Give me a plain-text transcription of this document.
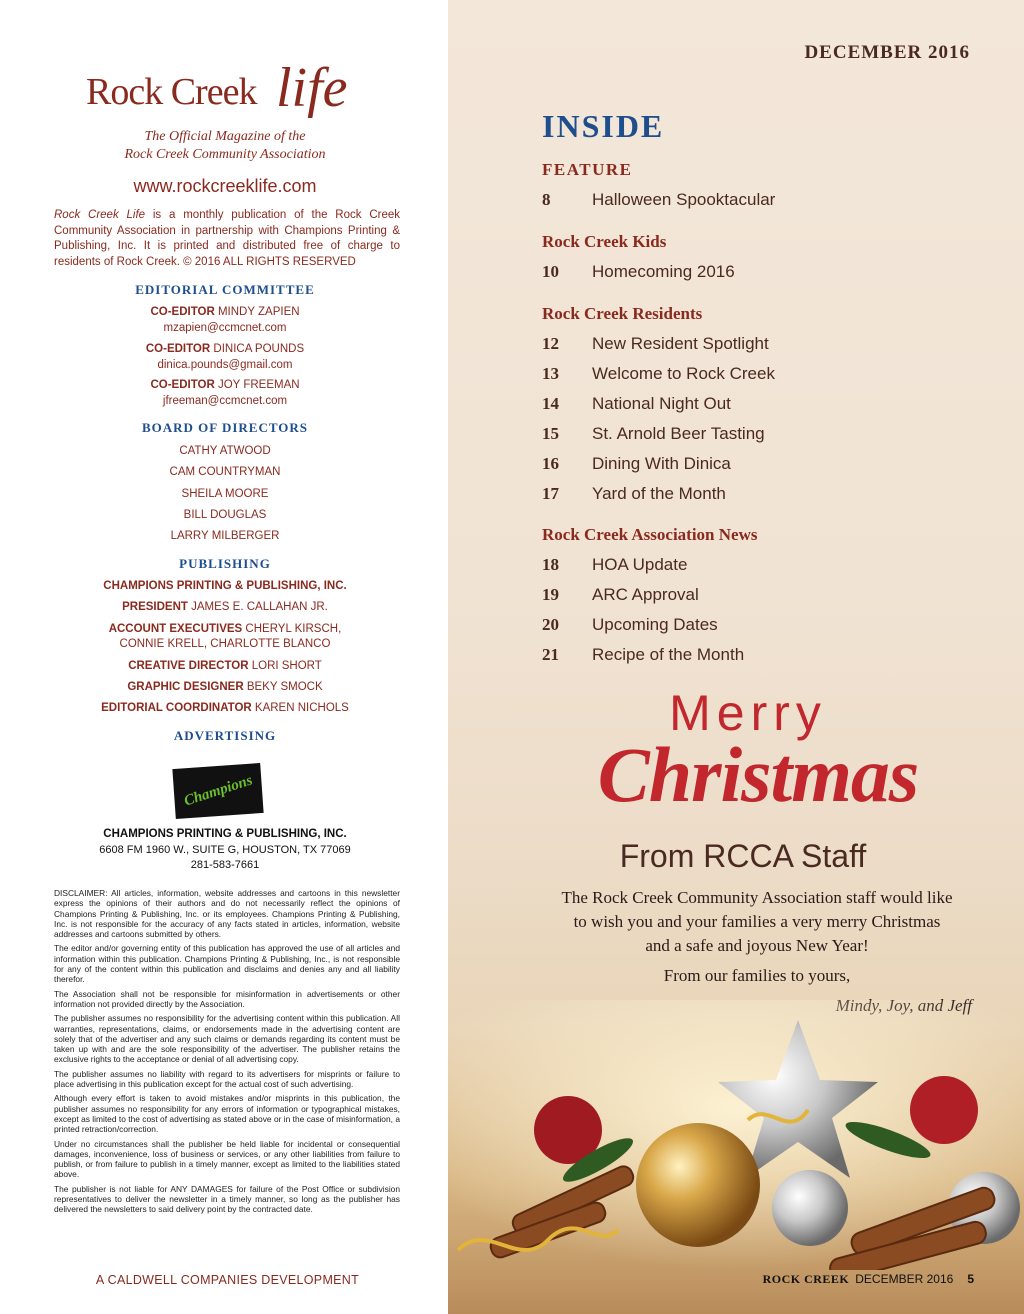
Rock Creek life
The Official Magazine of the
Rock Creek Community Association
www.rockcreeklife.com
Rock Creek Life is a monthly publication of the Rock Creek Community Association in partnership with Champions Printing & Publishing, Inc. It is printed and distributed free of charge to residents of Rock Creek. © 2016 ALL RIGHTS RESERVED
EDITORIAL COMMITTEE
CO-EDITOR MINDY ZAPIEN
mzapien@ccmcnet.com
CO-EDITOR DINICA POUNDS
dinica.pounds@gmail.com
CO-EDITOR JOY FREEMAN
jfreeman@ccmcnet.com
BOARD OF DIRECTORS
CATHY ATWOOD
CAM COUNTRYMAN
SHEILA MOORE
BILL DOUGLAS
LARRY MILBERGER
PUBLISHING
CHAMPIONS PRINTING & PUBLISHING, INC.
PRESIDENT JAMES E. CALLAHAN JR.
ACCOUNT EXECUTIVES CHERYL KIRSCH,
CONNIE KRELL, CHARLOTTE BLANCO
CREATIVE DIRECTOR LORI SHORT
GRAPHIC DESIGNER BEKY SMOCK
EDITORIAL COORDINATOR KAREN NICHOLS
ADVERTISING
Champions
CHAMPIONS PRINTING & PUBLISHING, INC.
6608 FM 1960 W., SUITE G, HOUSTON, TX 77069
281-583-7661

DISCLAIMER: All articles, information, website addresses and cartoons in this newsletter express the opinions of their authors and do not necessarily reflect the opinions of Champions Printing & Publishing, Inc. or its employees. Champions Printing & Publishing, Inc. is not responsible for the accuracy of any facts stated in articles, information, website addresses and cartoons submitted by others.

The editor and/or governing entity of this publication has approved the use of all articles and information within this publication. Champions Printing & Publishing, Inc., is not responsible for any of the content within this publication and disclaims and denies any and all liability therefor.

The Association shall not be responsible for misinformation in advertisements or other information not provided directly by the Association.

The publisher assumes no responsibility for the advertising content within this publication. All warranties, representations, claims, or endorsements made in the advertising content are solely that of the advertiser and any such claims or demands regarding its content must be taken up with and are the sole responsibility of the advertiser. The publisher retains the exclusive rights to the acceptance or denial of all advertising copy.

The publisher assumes no liability with regard to its advertisers for misprints or failure to place advertising in this publication except for the actual cost of such advertising.

Although every effort is taken to avoid mistakes and/or misprints in this publication, the publisher assumes no responsibility for any errors of information or typographical mistakes, except as limited to the cost of advertising as stated above or in the case of misinformation, a printed retraction/correction.

Under no circumstances shall the publisher be held liable for incidental or consequential damages, inconvenience, loss of business or services, or any other liabilities from failure to publish, or from failure to publish in a timely manner, except as limited to the liabilities stated above.

The publisher is not liable for ANY DAMAGES for failure of the Post Office or subdivision representatives to deliver the newsletter in a timely manner, so long as the publisher has delivered the newsletters to said delivery point by the contracted date.

A CALDWELL COMPANIES DEVELOPMENT
DECEMBER 2016
INSIDE
FEATURE
8	Halloween Spooktacular
Rock Creek Kids
10	Homecoming 2016
Rock Creek Residents
12	New Resident Spotlight
13	Welcome to Rock Creek
14	National Night Out
15	St. Arnold Beer Tasting
16	Dining With Dinica
17	Yard of the Month
Rock Creek Association News
18	HOA Update
19	ARC Approval
20	Upcoming Dates
21	Recipe of the Month
Merry
Christmas
From RCCA Staff
The Rock Creek Community Association staff would like
to wish you and your families a very merry Christmas
and a safe and joyous New Year!
From our families to yours,
ROCK CREEK DECEMBER 2016 5
